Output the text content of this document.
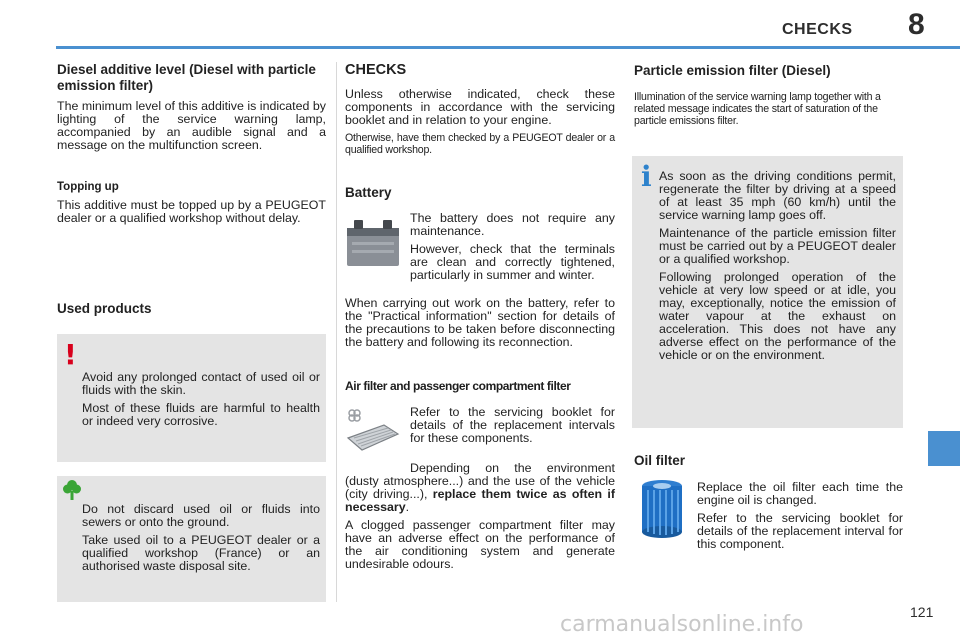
CHECKS 8
Diesel additive level (Diesel with particle emission filter)
The minimum level of this additive is indicated by lighting of the service warning lamp, accompanied by an audible signal and a message on the multifunction screen.
Topping up
This additive must be topped up by a PEUGEOT dealer or a qualified workshop without delay.
Used products

Avoid any prolonged contact of used oil or fluids with the skin.

Most of these fluids are harmful to health or indeed very corrosive.

!

Do not discard used oil or fluids into sewers or onto the ground.

Take used oil to a PEUGEOT dealer or a qualified workshop (France) or an authorised waste disposal site.

CHECKS

Unless otherwise indicated, check these components in accordance with the servicing booklet and in relation to your engine.

Otherwise, have them checked by a PEUGEOT dealer or a qualified workshop.

Battery

The battery does not require any maintenance.

However, check that the terminals are clean and correctly tightened, particularly in summer and winter.

When carrying out work on the battery, refer to the "Practical information" section for details of the precautions to be taken before disconnecting the battery and following its reconnection.
Air filter and passenger compartment filter
Refer to the servicing booklet for details of the replacement intervals for these components.

Depending on the environment (dusty atmosphere...) and the use of the vehicle (city driving...), replace them twice as often if necessary.

A clogged passenger compartment filter may have an adverse effect on the performance of the air conditioning system and generate undesirable odours.

Particle emission filter (Diesel)
Illumination of the service warning lamp together with a related message indicates the start of saturation of the particle emissions filter.

As soon as the driving conditions permit, regenerate the filter by driving at a speed of at least 35 mph (60 km/h) until the service warning lamp goes off.

Maintenance of the particle emission filter must be carried out by a PEUGEOT dealer or a qualified workshop.

Following prolonged operation of the vehicle at very low speed or at idle, you may, exceptionally, notice the emission of water vapour at the exhaust on acceleration. This does not have any adverse effect on the performance of the vehicle or on the environment.

i
Oil filter

Replace the oil filter each time the engine oil is changed.

Refer to the servicing booklet for details of the replacement interval for this component.

121
carmanualsonline.info
